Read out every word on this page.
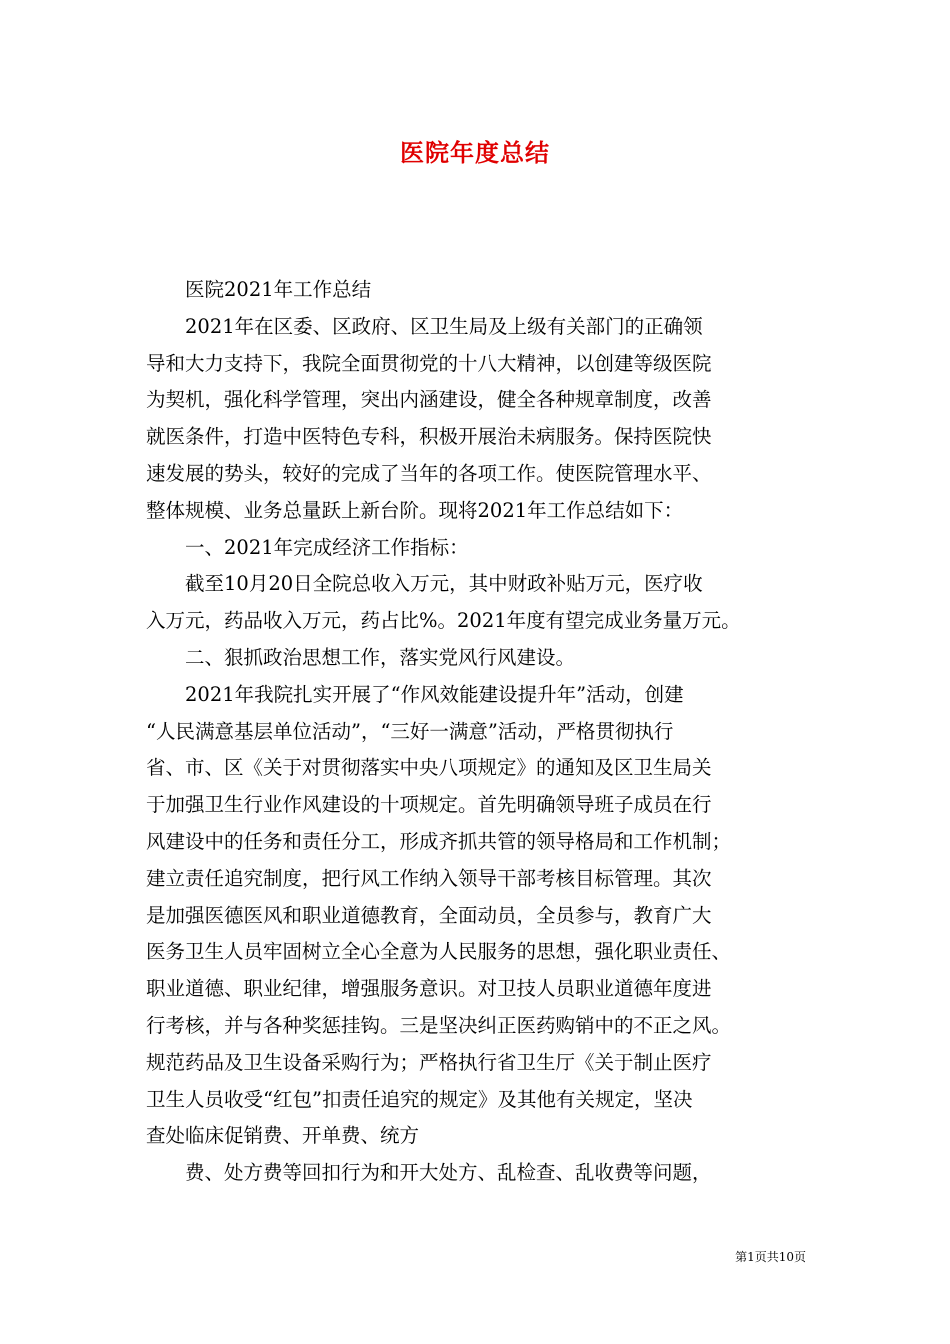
医院年度总结
　　医院2021年工作总结
　　2021年在区委、区政府、区卫生局及上级有关部门的正确领
导和大力支持下，我院全面贯彻党的十八大精神，以创建等级医院
为契机，强化科学管理，突出内涵建设，健全各种规章制度，改善
就医条件，打造中医特色专科，积极开展治未病服务。保持医院快
速发展的势头，较好的完成了当年的各项工作。使医院管理水平、
整体规模、业务总量跃上新台阶。现将2021年工作总结如下：
　　一、2021年完成经济工作指标：
　　截至10月20日全院总收入万元，其中财政补贴万元，医疗收
入万元，药品收入万元，药占比%。2021年度有望完成业务量万元。
　　二、狠抓政治思想工作，落实党风行风建设。
　　2021年我院扎实开展了“作风效能建设提升年”活动，创建
“人民满意基层单位活动”，“三好一满意”活动，严格贯彻执行
省、市、区《关于对贯彻落实中央八项规定》的通知及区卫生局关
于加强卫生行业作风建设的十项规定。首先明确领导班子成员在行
风建设中的任务和责任分工，形成齐抓共管的领导格局和工作机制；
建立责任追究制度，把行风工作纳入领导干部考核目标管理。其次
是加强医德医风和职业道德教育，全面动员，全员参与，教育广大
医务卫生人员牢固树立全心全意为人民服务的思想，强化职业责任、
职业道德、职业纪律，增强服务意识。对卫技人员职业道德年度进
行考核，并与各种奖惩挂钩。三是坚决纠正医药购销中的不正之风。
规范药品及卫生设备采购行为；严格执行省卫生厅《关于制止医疗
卫生人员收受“红包”扣责任追究的规定》及其他有关规定，坚决
查处临床促销费、开单费、统方
　　费、处方费等回扣行为和开大处方、乱检查、乱收费等问题，
第1页共10页
